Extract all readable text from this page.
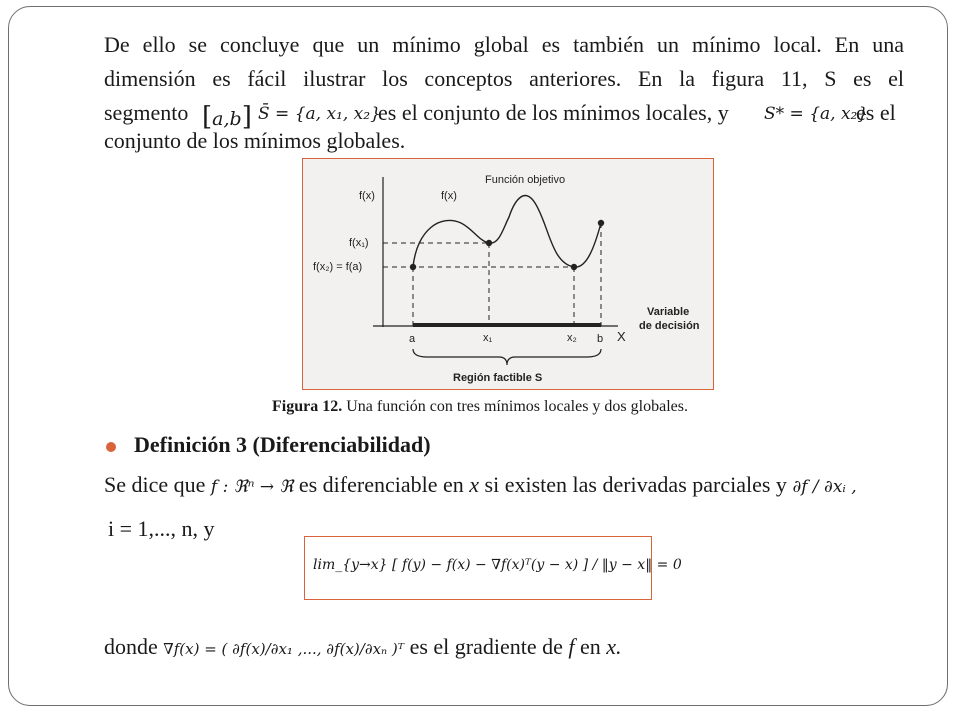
De ello se concluye que un mínimo global es también un mínimo local. En una

dimensión es fácil ilustrar los conceptos anteriores. En la figura 11, S es el

segmento [a,b] S̄ = {a, x₁, x₂}
es el conjunto de los mínimos locales, y S* = {a, x₂}
es el
conjunto de los mínimos globales.
Función objetivo
f(x)	f(x)
f(x₁)
f(x₂) = f(a)
X
Variable
de decisión
a	x₁	x₂ b
Región factible S
Figura 12. Una función con tres mínimos locales y dos globales.
Definición 3 (Diferenciabilidad)
Se dice que f : ℜⁿ → ℜ es diferenciable en x si existen las derivadas parciales y ∂f / ∂xᵢ ,
i = 1,..., n, y
lim_{y→x} [ f(y) − f(x) − ∇f(x)ᵀ(y − x) ] / ‖y − x‖ = 0
donde ∇f(x) = ( ∂f(x)/∂x₁ ,..., ∂f(x)/∂xₙ )ᵀ es el gradiente de f en x.
